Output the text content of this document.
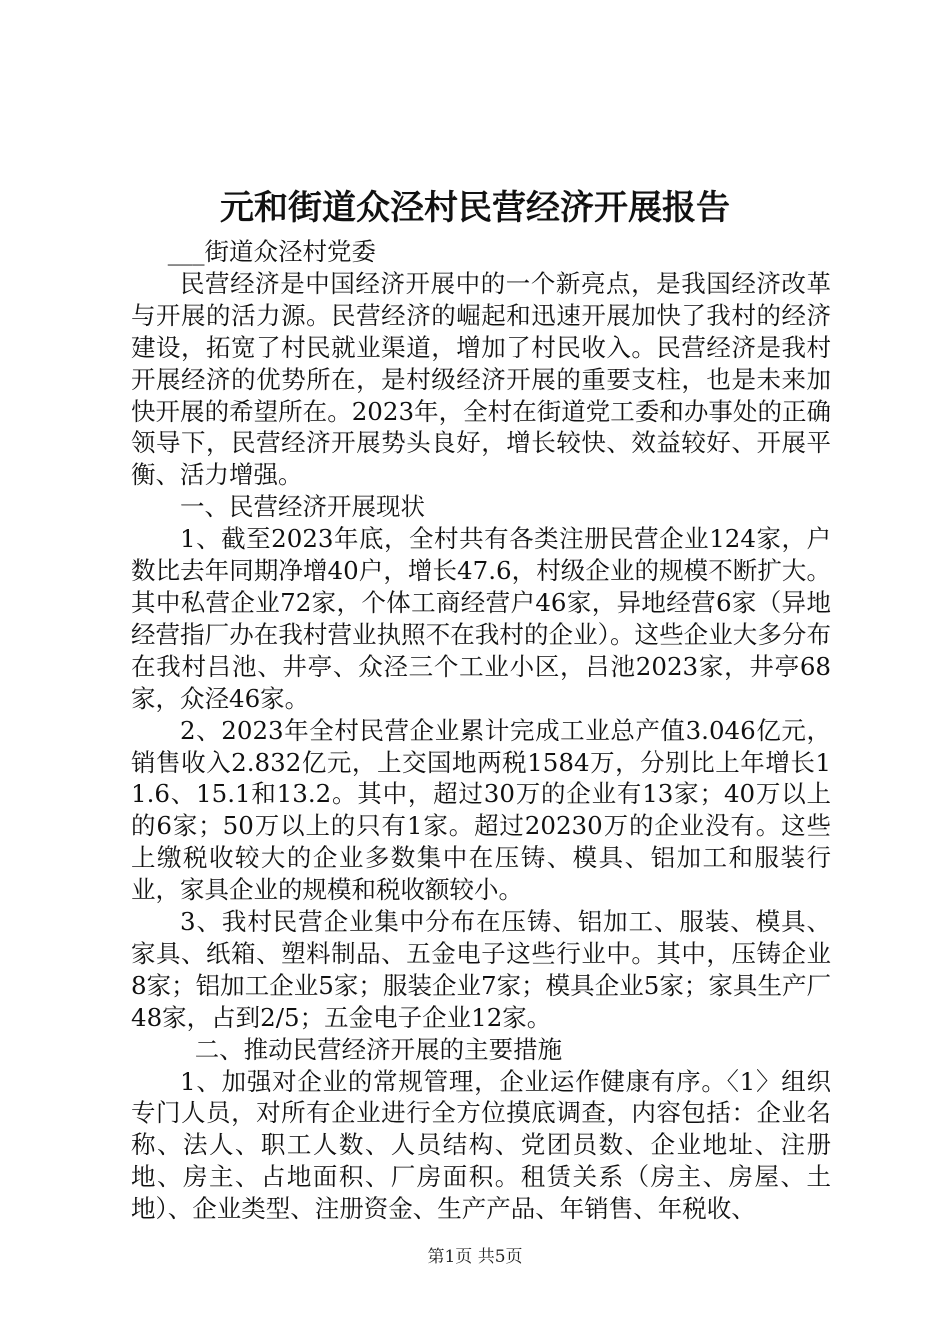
元和街道众泾村民营经济开展报告

___街道众泾村党委

民营经济是中国经济开展中的一个新亮点，是我国经济改革与开展的活力源。民营经济的崛起和迅速开展加快了我村的经济建设，拓宽了村民就业渠道，增加了村民收入。民营经济是我村开展经济的优势所在，是村级经济开展的重要支柱，也是未来加快开展的希望所在。2023年，全村在街道党工委和办事处的正确领导下，民营经济开展势头良好，增长较快、效益较好、开展平衡、活力增强。

一、民营经济开展现状

1、截至2023年底，全村共有各类注册民营企业124家，户数比去年同期净增40户，增长47.6，村级企业的规模不断扩大。其中私营企业72家，个体工商经营户46家，异地经营6家（异地经营指厂办在我村营业执照不在我村的企业）。这些企业大多分布在我村吕池、井亭、众泾三个工业小区，吕池2023家，井亭68家，众泾46家。

2、2023年全村民营企业累计完成工业总产值3.046亿元，销售收入2.832亿元，上交国地两税1584万，分别比上年增长11.6、15.1和13.2。其中，超过30万的企业有13家；40万以上的6家；50万以上的只有1家。超过20230万的企业没有。这些上缴税收较大的企业多数集中在压铸、模具、铝加工和服装行业，家具企业的规模和税收额较小。

3、我村民营企业集中分布在压铸、铝加工、服装、模具、家具、纸箱、塑料制品、五金电子这些行业中。其中，压铸企业8家；铝加工企业5家；服装企业7家；模具企业5家；家具生产厂48家，占到2/5；五金电子企业12家。

二、推动民营经济开展的主要措施

1、加强对企业的常规管理，企业运作健康有序。〈1〉组织专门人员，对所有企业进行全方位摸底调查，内容包括：企业名称、法人、职工人数、人员结构、党团员数、企业地址、注册地、房主、占地面积、厂房面积。租赁关系（房主、房屋、土地）、企业类型、注册资金、生产产品、年销售、年税收、

第1页 共5页
